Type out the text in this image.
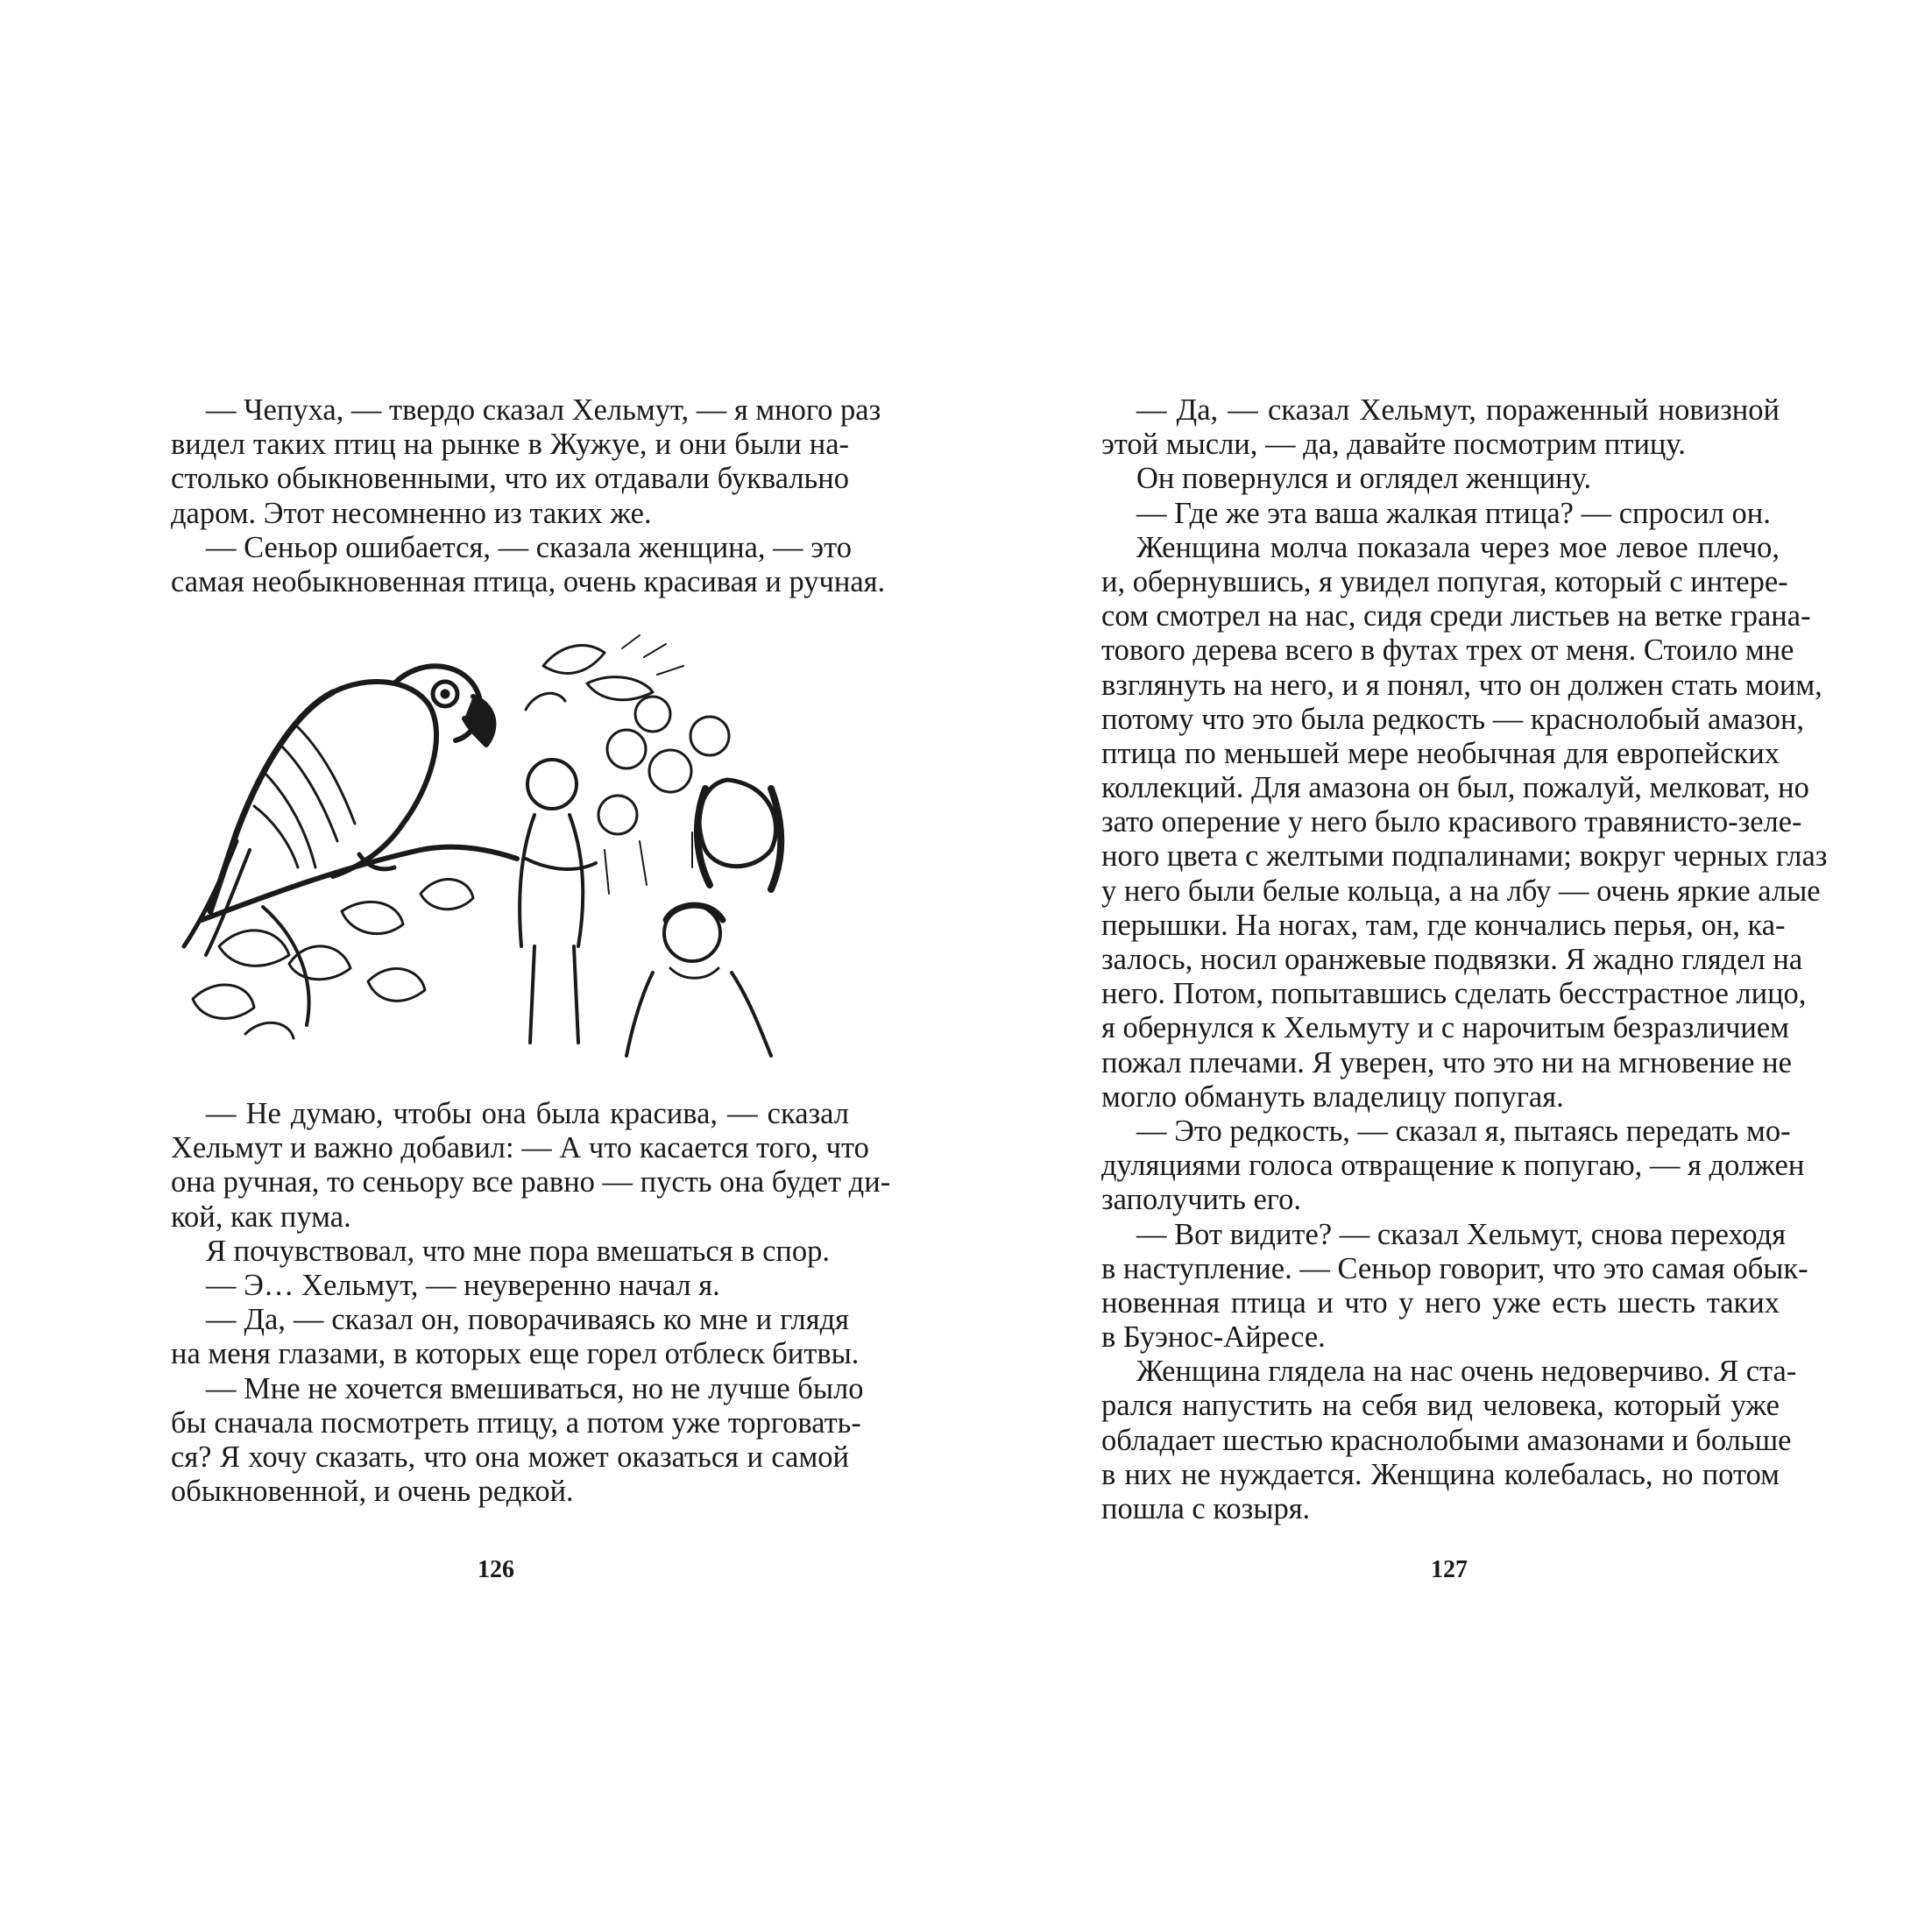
— Чепуха, — твердо сказал Хельмут, — я много раз
видел таких птиц на рынке в Жужуе, и они были на-
столько обыкновенными, что их отдавали буквально
даром. Этот несомненно из таких же.
— Сеньор ошибается, — сказала женщина, — это
самая необыкновенная птица, очень красивая и ручная.
— Не думаю, чтобы она была красива, — сказал
Хельмут и важно добавил: — А что касается того, что
она ручная, то сеньору все равно — пусть она будет ди-
кой, как пума.
Я почувствовал, что мне пора вмешаться в спор.
— Э… Хельмут, — неуверенно начал я.
— Да, — сказал он, поворачиваясь ко мне и глядя
на меня глазами, в которых еще горел отблеск битвы.
— Мне не хочется вмешиваться, но не лучше было
бы сначала посмотреть птицу, а потом уже торговать-
ся? Я хочу сказать, что она может оказаться и самой
обыкновенной, и очень редкой.
126
— Да, — сказал Хельмут, пораженный новизной
этой мысли, — да, давайте посмотрим птицу.
Он повернулся и оглядел женщину.
— Где же эта ваша жалкая птица? — спросил он.
Женщина молча показала через мое левое плечо,
и, обернувшись, я увидел попугая, который с интере-
сом смотрел на нас, сидя среди листьев на ветке грана-
тового дерева всего в футах трех от меня. Стоило мне
взглянуть на него, и я понял, что он должен стать моим,
потому что это была редкость — краснолобый амазон,
птица по меньшей мере необычная для европейских
коллекций. Для амазона он был, пожалуй, мелковат, но
зато оперение у него было красивого травянисто-зеле-
ного цвета с желтыми подпалинами; вокруг черных глаз
у него были белые кольца, а на лбу — очень яркие алые
перышки. На ногах, там, где кончались перья, он, ка-
залось, носил оранжевые подвязки. Я жадно глядел на
него. Потом, попытавшись сделать бесстрастное лицо,
я обернулся к Хельмуту и с нарочитым безразличием
пожал плечами. Я уверен, что это ни на мгновение не
могло обмануть владелицу попугая.
— Это редкость, — сказал я, пытаясь передать мо-
дуляциями голоса отвращение к попугаю, — я должен
заполучить его.
— Вот видите? — сказал Хельмут, снова переходя
в наступление. — Сеньор говорит, что это самая обык-
новенная птица и что у него уже есть шесть таких
в Буэнос-Айресе.
Женщина глядела на нас очень недоверчиво. Я ста-
рался напустить на себя вид человека, который уже
обладает шестью краснолобыми амазонами и больше
в них не нуждается. Женщина колебалась, но потом
пошла с козыря.
127
